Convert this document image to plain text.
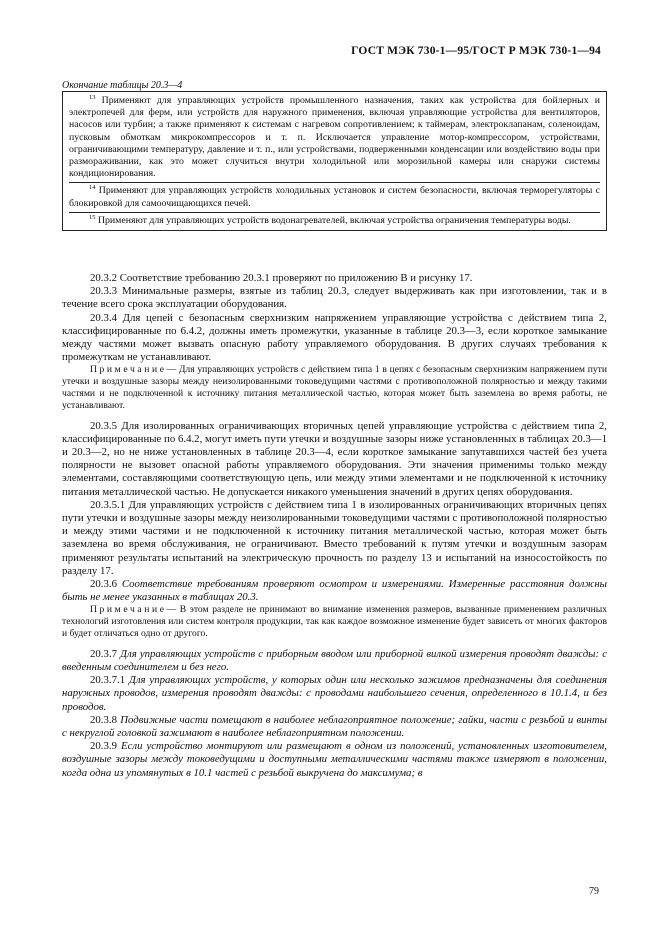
ГОСТ МЭК 730-1—95/ГОСТ Р МЭК 730-1—94
Окончание таблицы 20.3—4

$^{13}$ Применяют для управляющих устройств промышленного назначения, таких как устройства для бойлерных и электропечей для ферм, или устройств для наружного применения, включая управляющие устройства для вентиляторов, насосов или турбин; а также применяют к системам с нагревом сопротивлением; к таймерам, электроклапанам, соленоидам, пусковым обмоткам микрокомпрессоров и т. п. Исключается управление мотор-компрессором, устройствами, ограничивающими температуру, давление и т. п., или устройствами, подверженными конденсации или воздействию воды при размораживании, как это может случиться внутри холодильной или морозильной камеры или снаружи системы кондиционирования.

$^{14}$ Применяют для управляющих устройств холодильных установок и систем безопасности, включая терморегуляторы с блокировкой для самоочищающихся печей.

$^{15}$ Применяют для управляющих устройств водонагревателей, включая устройства ограничения температуры воды.

20.3.2 Соответствие требованию 20.3.1 проверяют по приложению В и рисунку 17.

20.3.3 Минимальные размеры, взятые из таблиц 20.3, следует выдерживать как при изготовлении, так и в течение всего срока эксплуатации оборудования.

20.3.4 Для цепей с безопасным сверхнизким напряжением управляющие устройства с действием типа 2, классифицированные по 6.4.2, должны иметь промежутки, указанные в таблице 20.3—3, если короткое замыкание между частями может вызвать опасную работу управляемого оборудования. В других случаях требования к промежуткам не устанавливают.

Примечание— Для управляющих устройств с действием типа 1 в цепях с безопасным сверхнизким напряжением пути утечки и воздушные зазоры между неизолированными токоведущими частями с противоположной полярностью и между такими частями и не подключенной к источнику питания металлической частью, которая может быть заземлена во время работы, не устанавливают.

20.3.5 Для изолированных ограничивающих вторичных цепей управляющие устройства с действием типа 2, классифицированные по 6.4.2, могут иметь пути утечки и воздушные зазоры ниже установленных в таблицах 20.3—1 и 20.3—2, но не ниже установленных в таблице 20.3—4, если короткое замыкание запутавшихся частей без учета полярности не вызовет опасной работы управляемого оборудования. Эти значения применимы только между элементами, составляющими соответствующую цепь, или между этими элементами и не подключенной к источнику питания металлической частью. Не допускается никакого уменьшения значений в других цепях оборудования.

20.3.5.1 Для управляющих устройств с действием типа 1 в изолированных ограничивающих вторичных цепях пути утечки и воздушные зазоры между неизолированными токоведущими частями с противоположной полярностью и между этими частями и не подключенной к источнику питания металлической частью, которая может быть заземлена во время обслуживания, не ограничивают. Вместо требований к путям утечки и воздушным зазорам применяют результаты испытаний на электрическую прочность по разделу 13 и испытаний на износостойкость по разделу 17.

20.3.6 Соответствие требованиям проверяют осмотром и измерениями. Измеренные расстояния должны быть не менее указанных в таблицах 20.3.

Примечание— В этом разделе не принимают во внимание изменения размеров, вызванные применением различных технологий изготовления или систем контроля продукции, так как каждое возможное изменение будет зависеть от многих факторов и будет отличаться одно от другого.

20.3.7 Для управляющих устройств с приборным вводом или приборной вилкой измерения проводят дважды: с введенным соединителем и без него.

20.3.7.1 Для управляющих устройств, у которых один или несколько зажимов предназначены для соединения наружных проводов, измерения проводят дважды: с проводами наибольшего сечения, определенного в 10.1.4, и без проводов.

20.3.8 Подвижные части помещают в наиболее неблагоприятное положение; гайки, части с резьбой и винты с некруглой головкой зажимают в наиболее неблагоприятном положении.

20.3.9 Если устройство монтируют или размещают в одном из положений, установленных изготовителем, воздушные зазоры между токоведущими и доступными металлическими частями также измеряют в положении, когда одна из упомянутых в 10.1 частей с резьбой выкручена до максимума; в

79
